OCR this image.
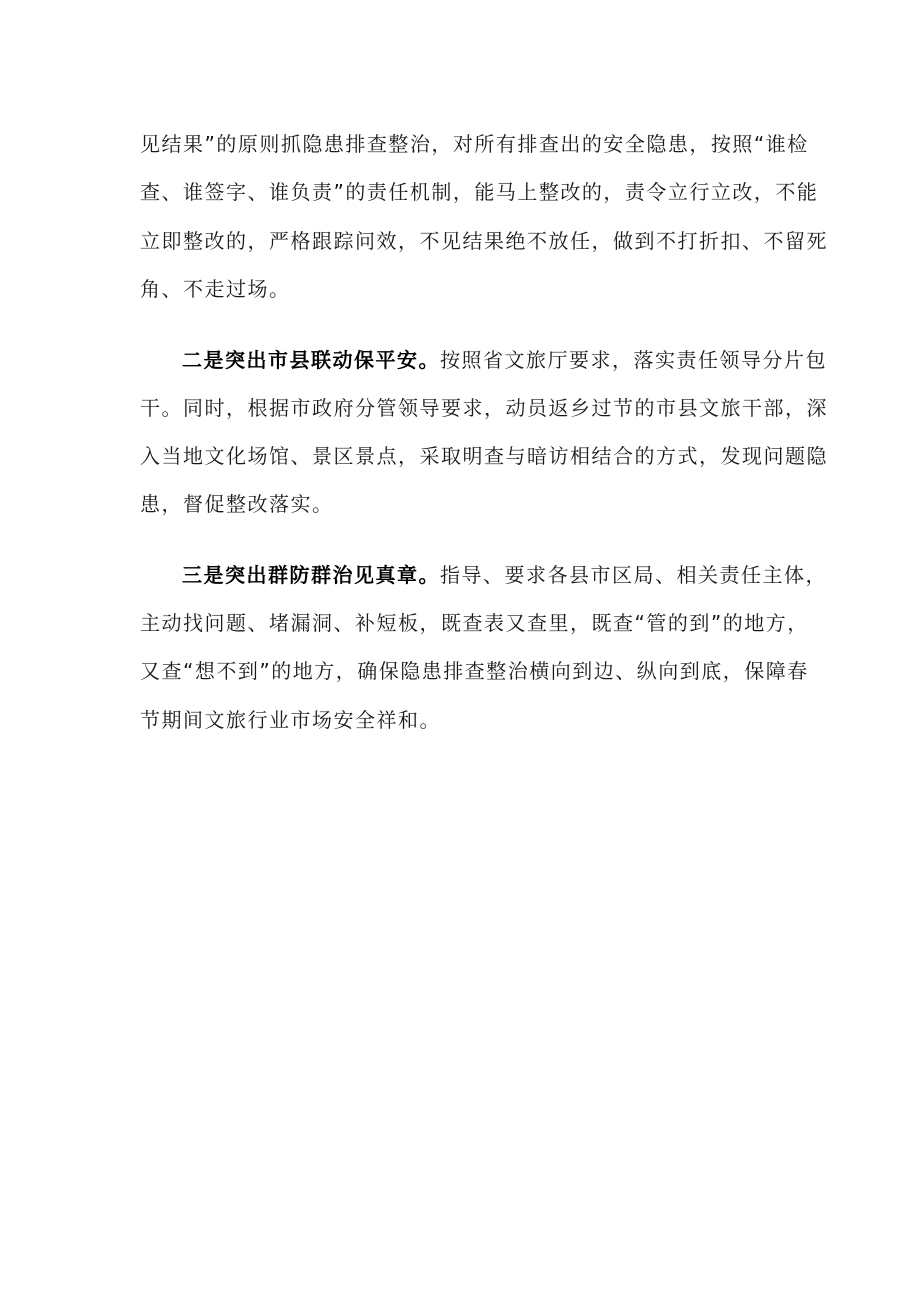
见结果”的原则抓隐患排查整治，对所有排查出的安全隐患，按照“谁检
查、谁签字、谁负责”的责任机制，能马上整改的，责令立行立改，不能
立即整改的，严格跟踪问效，不见结果绝不放任，做到不打折扣、不留死
角、不走过场。
二是突出市县联动保平安。按照省文旅厅要求，落实责任领导分片包
干。同时，根据市政府分管领导要求，动员返乡过节的市县文旅干部，深
入当地文化场馆、景区景点，采取明查与暗访相结合的方式，发现问题隐
患，督促整改落实。
三是突出群防群治见真章。指导、要求各县市区局、相关责任主体，
主动找问题、堵漏洞、补短板，既查表又查里，既查“管的到”的地方，
又查“想不到”的地方，确保隐患排查整治横向到边、纵向到底，保障春
节期间文旅行业市场安全祥和。
